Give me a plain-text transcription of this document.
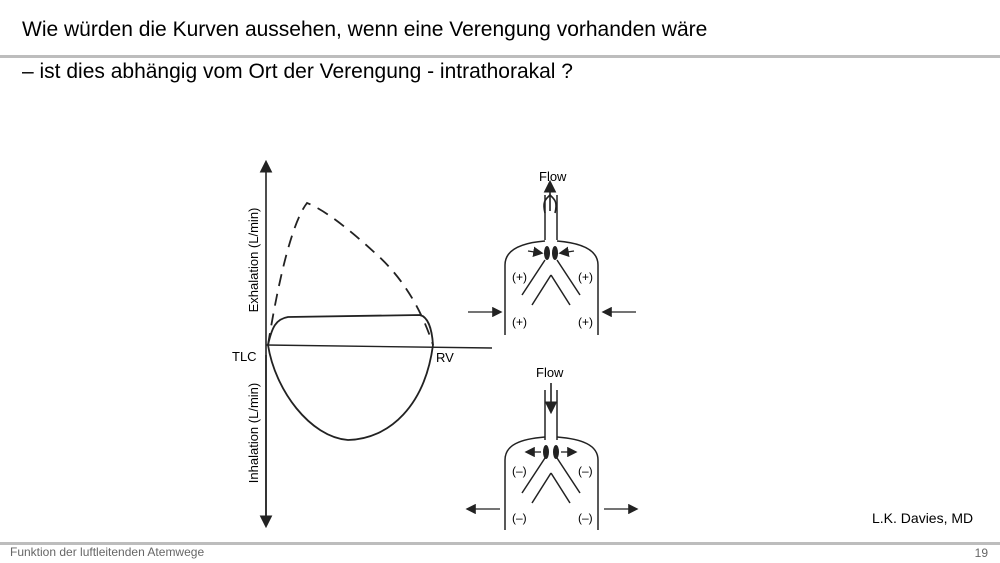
Wie würden die Kurven aussehen, wenn eine Verengung vorhanden wäre
– ist dies abhängig vom Ort der Verengung - intrathorakal ?
Exhalation (L/min)
Inhalation (L/min)
TLC	RV
Flow
(+)	(+)
(+)	(+)
Flow
(–)	(–)
(–)	(–)	L.K. Davies, MD
Funktion der luftleitenden Atemwege	19
